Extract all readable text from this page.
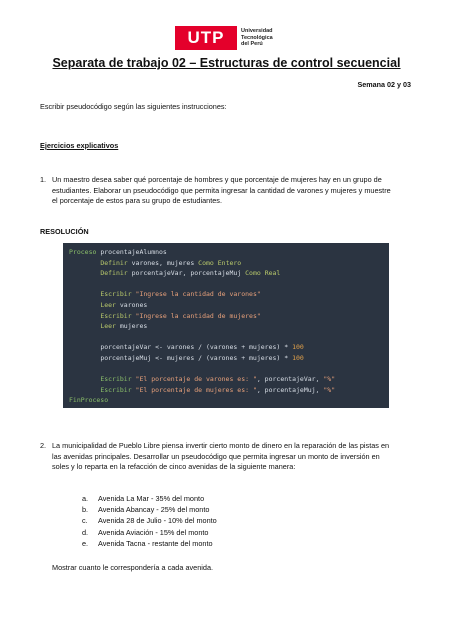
UTP	Universidad
Tecnológica
del Perú
Separata de trabajo 02 – Estructuras de control secuencial
Semana 02 y 03
Escribir pseudocódigo según las siguientes instrucciones:
Ejercicios explicativos
1. Un maestro desea saber qué porcentaje de hombres y que porcentaje de mujeres hay en un grupo de
estudiantes. Elaborar un pseudocódigo que permita ingresar la cantidad de varones y mujeres y muestre
el porcentaje de estos para su grupo de estudiantes.
RESOLUCIÓN
Proceso procentajeAlumnos
Definir varones, mujeres Como Entero
Definir porcentajeVar, porcentajeMuj Como Real

Escribir "Ingrese la cantidad de varones"
Leer varones
Escribir "Ingrese la cantidad de mujeres"
Leer mujeres

porcentajeVar <- varones / (varones + mujeres) * 100
porcentajeMuj <- mujeres / (varones + mujeres) * 100

Escribir "El porcentaje de varones es: ", porcentajeVar, "%"
Escribir "El porcentaje de mujeres es: ", porcentajeMuj, "%"
FinProceso
2. La municipalidad de Pueblo Libre piensa invertir cierto monto de dinero en la reparación de las pistas en
las avenidas principales. Desarrollar un pseudocódigo que permita ingresar un monto de inversión en
soles y lo reparta en la refacción de cinco avenidas de la siguiente manera:
a. Avenida La Mar - 35% del monto
b. Avenida Abancay - 25% del monto
c. Avenida 28 de Julio - 10% del monto
d. Avenida Aviación - 15% del monto
e. Avenida Tacna - restante del monto
Mostrar cuanto le correspondería a cada avenida.
